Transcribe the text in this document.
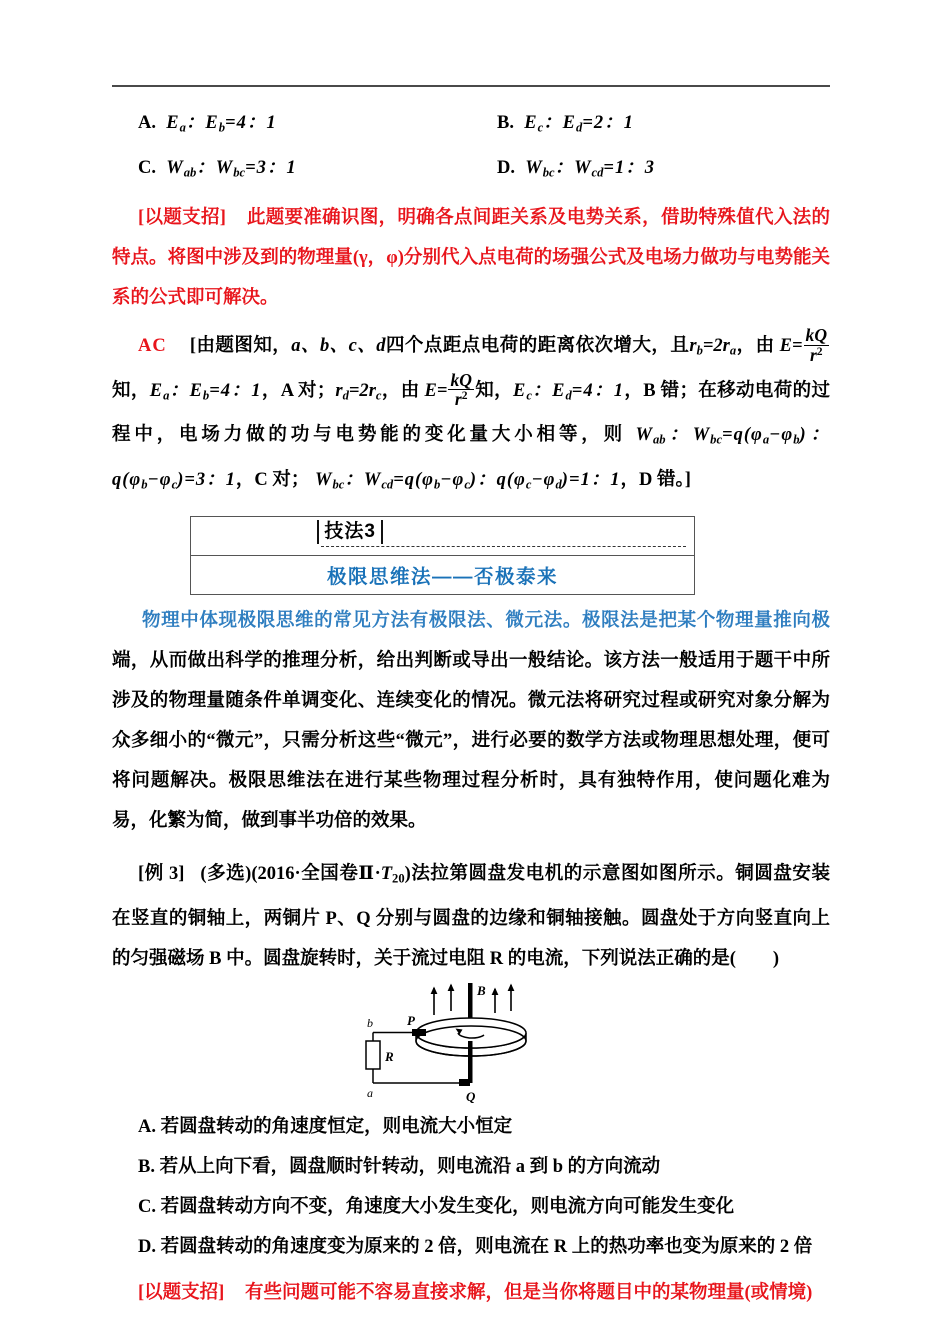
A. $E_a$：$E_b=4$：1	B. $E_c$：$E_d=2$：1
C. $W_{ab}$：$W_{bc}=3$：1	D. $W_{bc}$：$W_{cd}=1$：3
[以题支招] 此题要准确识图，明确各点间距关系及电势关系，借助特殊值代入法的特点。将图中涉及到的物理量(γ，φ)分别代入点电荷的场强公式及电场力做功与电势能关系的公式即可解决。
AC [由题图知，a、b、c、d四个点距点电荷的距离依次增大，且$r_b=2r_a$，由 $E= \frac{kQ}{r^2}$
知，$E_a$：$E_b=4$：1，A 对；$r_d=2r_c$，由 $E= \frac{kQ}{r^2}$ 知，$E_c$：$E_d=4$：1，B 错；在移动电荷的过程中，电场力做的功与电势能的变化量大小相等，则 $W_{ab}$：$W_{bc}=q(\varphi_a-\varphi_b)$：$q(\varphi_b-\varphi_c)=3$：1，C 对； $W_{bc}$：$W_{cd}=q(\varphi_b-\varphi_c)$：$q(\varphi_c-\varphi_d)=1$：1，D 错。]
技法3
极限思维法——否极泰来
物理中体现极限思维的常见方法有极限法、微元法。极限法是把某个物理量推向极端，从而做出科学的推理分析，给出判断或导出一般结论。该方法一般适用于题干中所涉及的物理量随条件单调变化、连续变化的情况。微元法将研究过程或研究对象分解为众多细小的“微元”，只需分析这些“微元”，进行必要的数学方法或物理思想处理，便可将问题解决。极限思维法在进行某些物理过程分析时，具有独特作用，使问题化难为易，化繁为简，做到事半功倍的效果。
[例 3] (多选)(2016·全国卷Ⅱ·T20)法拉第圆盘发电机的示意图如图所示。铜圆盘安装在竖直的铜轴上，两铜片 P、Q 分别与圆盘的边缘和铜轴接触。圆盘处于方向竖直向上的匀强磁场 B 中。圆盘旋转时，关于流过电阻 R 的电流，下列说法正确的是(　　)
B
P
Q
R
b
a
A. 若圆盘转动的角速度恒定，则电流大小恒定
B. 若从上向下看，圆盘顺时针转动，则电流沿 a 到 b 的方向流动
C. 若圆盘转动方向不变，角速度大小发生变化，则电流方向可能发生变化
D. 若圆盘转动的角速度变为原来的 2 倍，则电流在 R 上的热功率也变为原来的 2 倍
[以题支招] 有些问题可能不容易直接求解，但是当你将题目中的某物理量(或情境)
